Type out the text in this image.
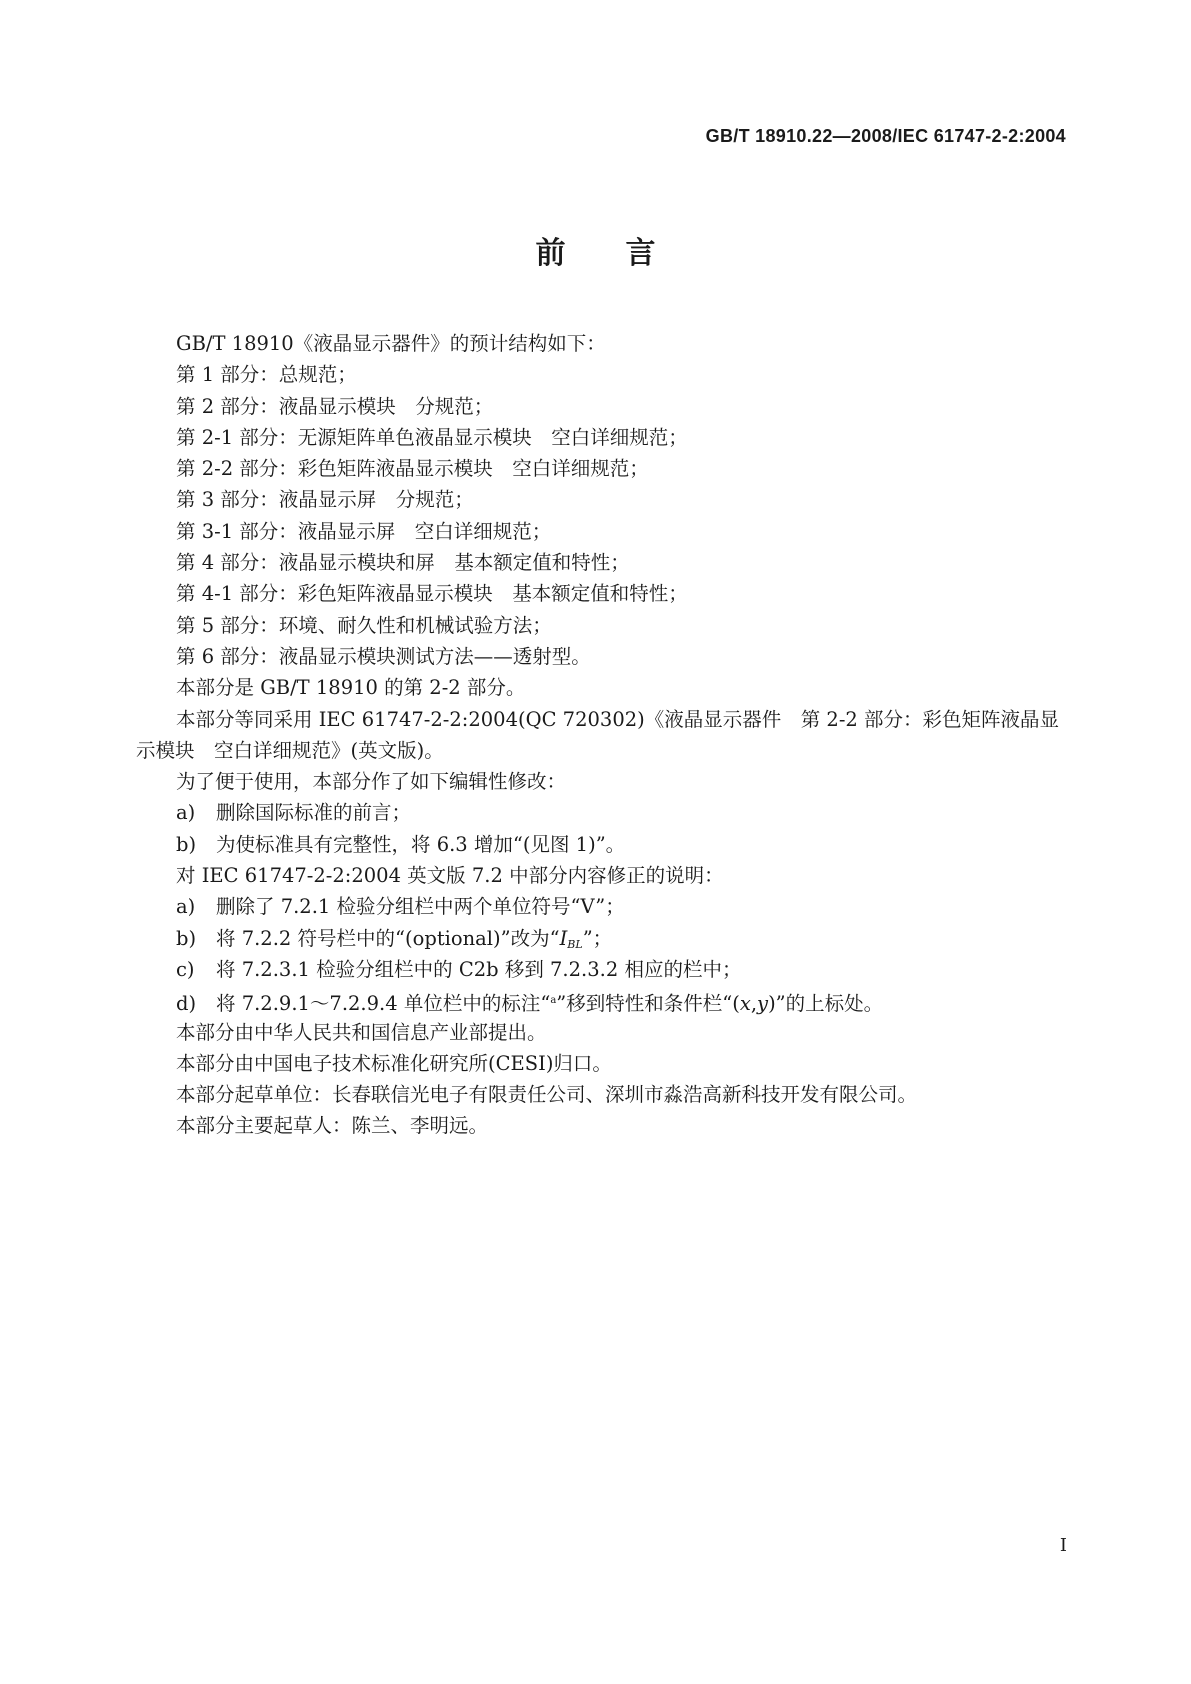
GB/T 18910.22—2008/IEC 61747-2-2:2004
前 言
GB/T 18910《液晶显示器件》的预计结构如下：
第 1 部分：总规范；
第 2 部分：液晶显示模块　分规范；
第 2-1 部分：无源矩阵单色液晶显示模块　空白详细规范；
第 2-2 部分：彩色矩阵液晶显示模块　空白详细规范；
第 3 部分：液晶显示屏　分规范；
第 3-1 部分：液晶显示屏　空白详细规范；
第 4 部分：液晶显示模块和屏　基本额定值和特性；
第 4-1 部分：彩色矩阵液晶显示模块　基本额定值和特性；
第 5 部分：环境、耐久性和机械试验方法；
第 6 部分：液晶显示模块测试方法——透射型。
本部分是 GB/T 18910 的第 2-2 部分。
本部分等同采用 IEC 61747-2-2:2004(QC 720302)《液晶显示器件　第 2-2 部分：彩色矩阵液晶显
示模块　空白详细规范》(英文版)。
为了便于使用，本部分作了如下编辑性修改：
a) 删除国际标准的前言；
b) 为使标准具有完整性，将 6.3 增加“(见图 1)”。
对 IEC 61747-2-2:2004 英文版 7.2 中部分内容修正的说明：
a) 删除了 7.2.1 检验分组栏中两个单位符号“V”；
b) 将 7.2.2 符号栏中的“(optional)”改为“$I_{BL}$”；
c) 将 7.2.3.1 检验分组栏中的 C2b 移到 7.2.3.2 相应的栏中；
d) 将 7.2.9.1～7.2.9.4 单位栏中的标注“$^a$”移到特性和条件栏“(x,y)”的上标处。
本部分由中华人民共和国信息产业部提出。
本部分由中国电子技术标准化研究所(CESI)归口。
本部分起草单位：长春联信光电子有限责任公司、深圳市淼浩高新科技开发有限公司。
本部分主要起草人：陈兰、李明远。
I
